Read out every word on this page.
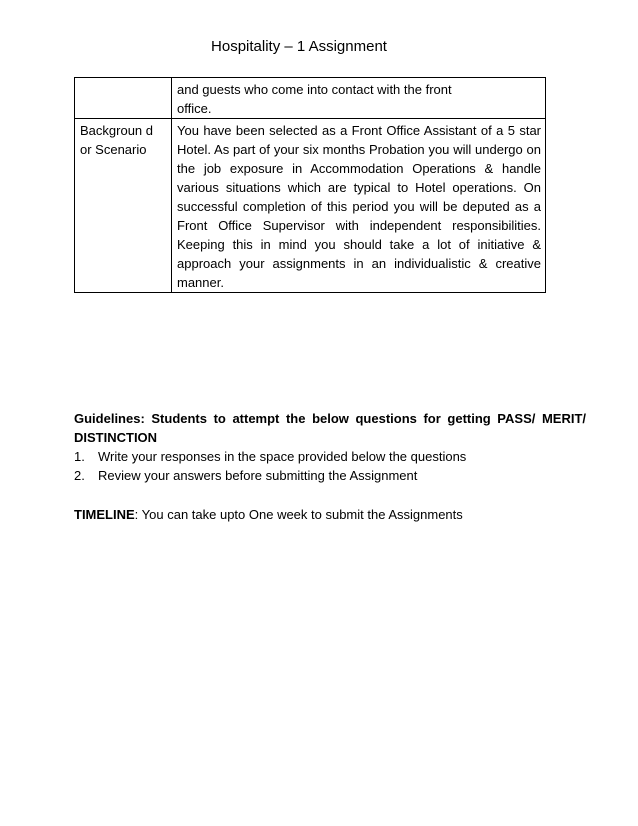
Hospitality – 1 Assignment

	and guests who come into contact with the front
office.

Backgroun d or Scenario	You have been selected as a Front Office Assistant of a 5 star Hotel. As part of your six months Probation you will undergo on the job exposure in Accommodation Operations & handle various situations which are typical to Hotel operations. On successful completion of this period you will be deputed as a Front Office Supervisor with independent responsibilities. Keeping this in mind you should take a lot of initiative & approach your assignments in an individualistic & creative manner.
Guidelines: Students to attempt the below questions for getting PASS/ MERIT/ DISTINCTION
1. Write your responses in the space provided below the questions
2. Review your answers before submitting the Assignment
TIMELINE: You can take upto One week to submit the Assignments
